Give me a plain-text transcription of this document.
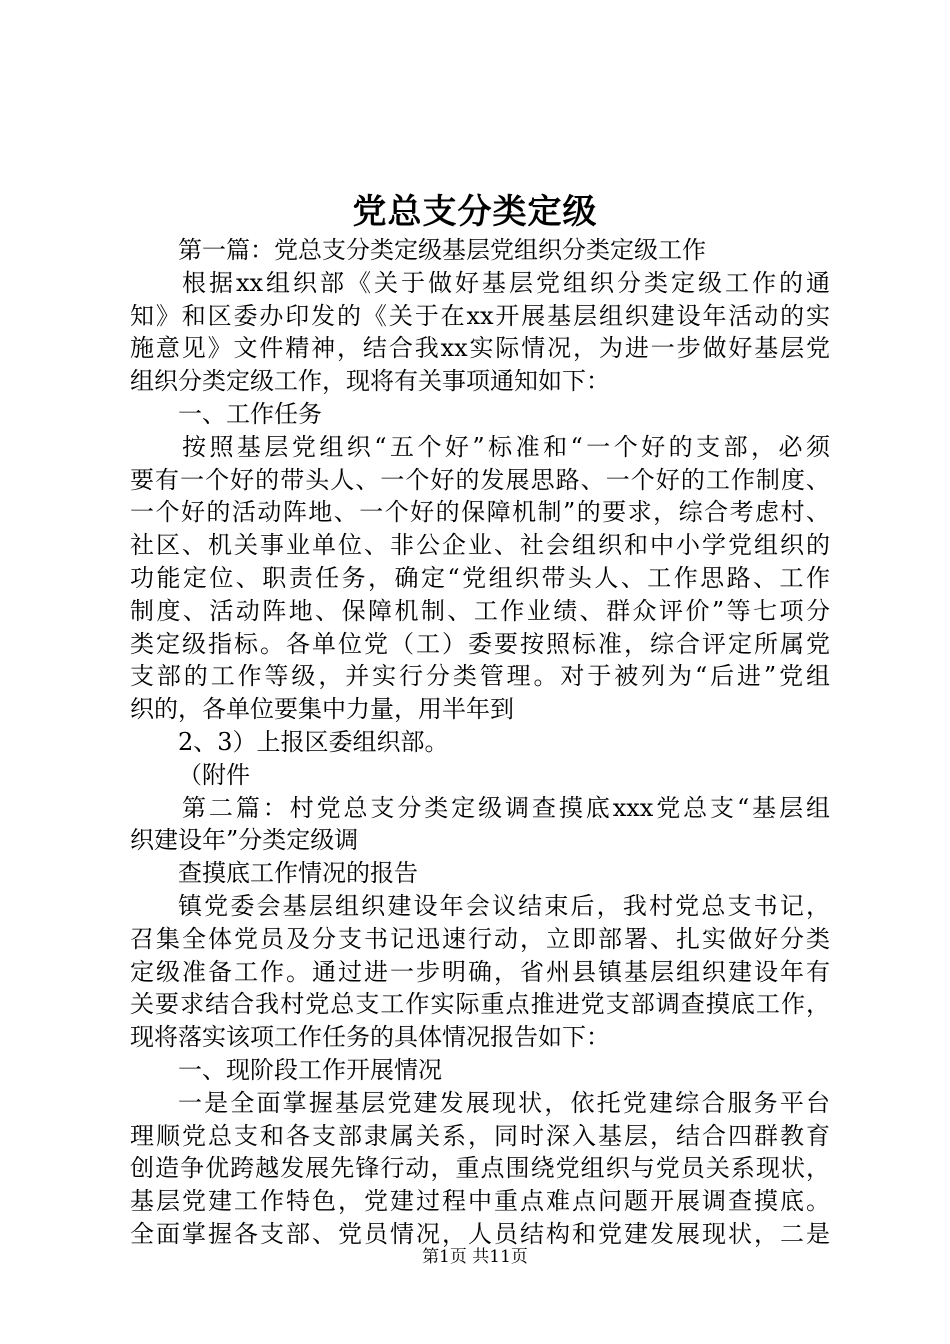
党总支分类定级
第一篇：党总支分类定级基层党组织分类定级工作
根据xx组织部《关于做好基层党组织分类定级工作的通
知》和区委办印发的《关于在xx开展基层组织建设年活动的实
施意见》文件精神，结合我xx实际情况，为进一步做好基层党
组织分类定级工作，现将有关事项通知如下：
一、工作任务
按照基层党组织“五个好”标准和“一个好的支部，必须
要有一个好的带头人、一个好的发展思路、一个好的工作制度、
一个好的活动阵地、一个好的保障机制”的要求，综合考虑村、
社区、机关事业单位、非公企业、社会组织和中小学党组织的
功能定位、职责任务，确定“党组织带头人、工作思路、工作
制度、活动阵地、保障机制、工作业绩、群众评价”等七项分
类定级指标。各单位党（工）委要按照标准，综合评定所属党
支部的工作等级，并实行分类管理。对于被列为“后进”党组
织的，各单位要集中力量，用半年到
2、3）上报区委组织部。
（附件
第二篇：村党总支分类定级调查摸底xxx党总支“基层组
织建设年”分类定级调
查摸底工作情况的报告
镇党委会基层组织建设年会议结束后，我村党总支书记，
召集全体党员及分支书记迅速行动，立即部署、扎实做好分类
定级准备工作。通过进一步明确，省州县镇基层组织建设年有
关要求结合我村党总支工作实际重点推进党支部调查摸底工作，
现将落实该项工作任务的具体情况报告如下：
一、现阶段工作开展情况
一是全面掌握基层党建发展现状，依托党建综合服务平台
理顺党总支和各支部隶属关系，同时深入基层，结合四群教育
创造争优跨越发展先锋行动，重点围绕党组织与党员关系现状，
基层党建工作特色，党建过程中重点难点问题开展调查摸底。
全面掌握各支部、党员情况，人员结构和党建发展现状，二是
第1页 共11页
